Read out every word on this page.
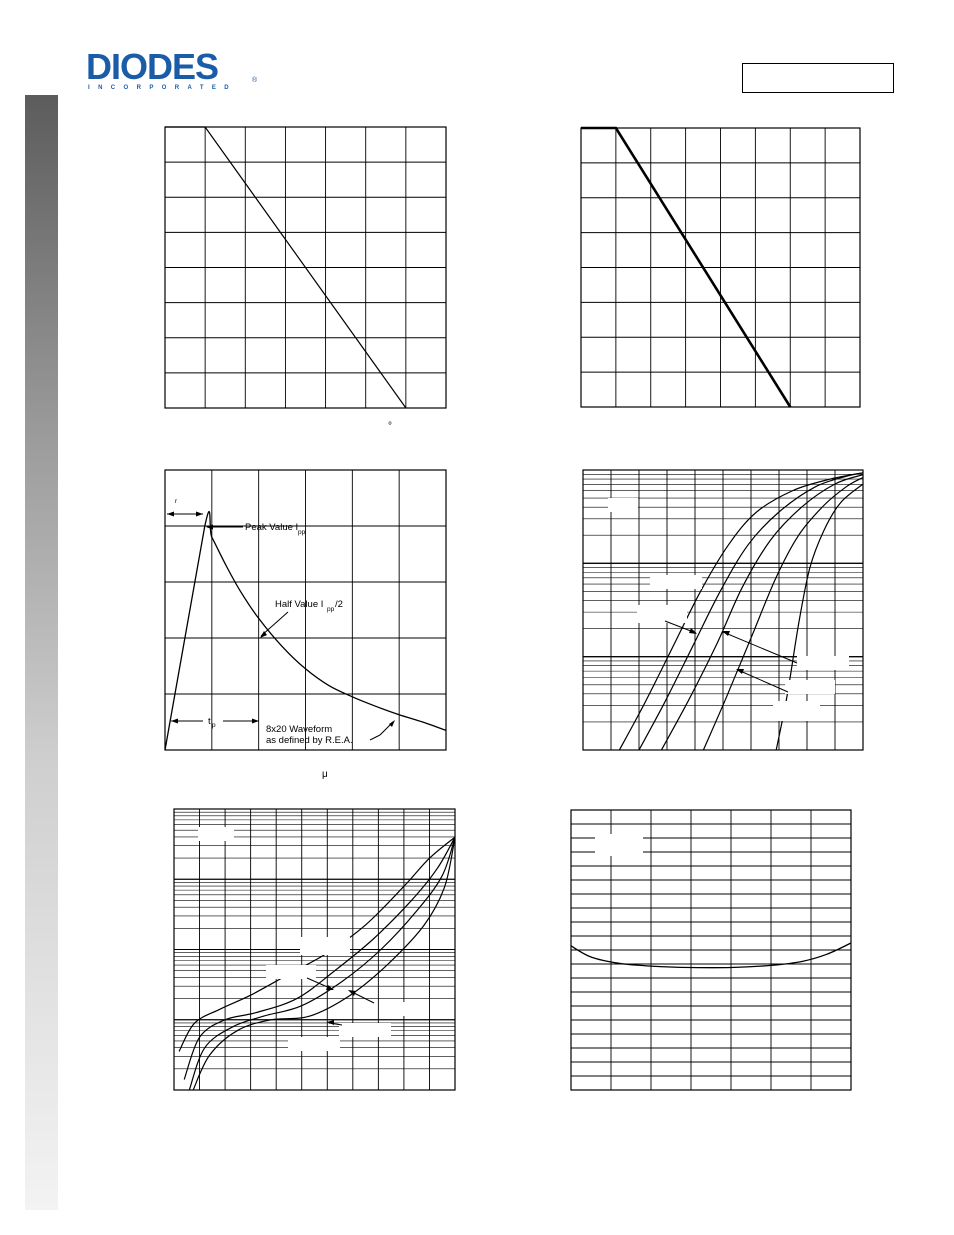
DIODES	®
INCORPORATED
°
r
Peak Value I pp
Half Value I pp /2
t p	8x20 Waveform
as defined by R.E.A.
μ
